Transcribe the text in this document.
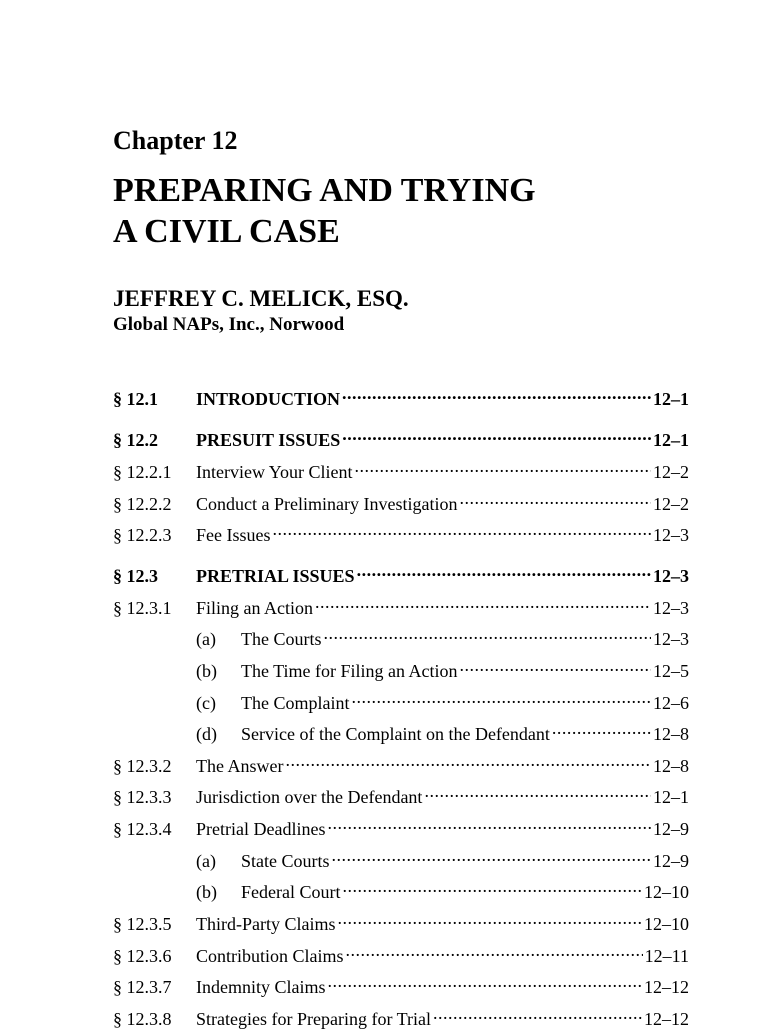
Chapter 12
PREPARING AND TRYING
A CIVIL CASE
JEFFREY C. MELICK, ESQ.
Global NAPs, Inc., Norwood
§ 12.1	INTRODUCTION .....	12–1
§ 12.2	PRESUIT ISSUES .....	12–1
§ 12.2.1	Interview Your Client .....	12–2
§ 12.2.2	Conduct a Preliminary Investigation .....	12–2
§ 12.2.3	Fee Issues .....	12–3
§ 12.3	PRETRIAL ISSUES .....	12–3
§ 12.3.1	Filing an Action .....	12–3
(a)	The Courts .....	12–3
(b)	The Time for Filing an Action .....	12–5
(c)	The Complaint .....	12–6
(d)	Service of the Complaint on the Defendant .....	12–8
§ 12.3.2	The Answer .....	12–8
§ 12.3.3	Jurisdiction over the Defendant .....	12–1
§ 12.3.4	Pretrial Deadlines .....	12–9
(a)	State Courts .....	12–9
(b)	Federal Court .....	12–10
§ 12.3.5	Third-Party Claims .....	12–10
§ 12.3.6	Contribution Claims .....	12–11
§ 12.3.7	Indemnity Claims .....	12–12
§ 12.3.8	Strategies for Preparing for Trial .....	12–12
